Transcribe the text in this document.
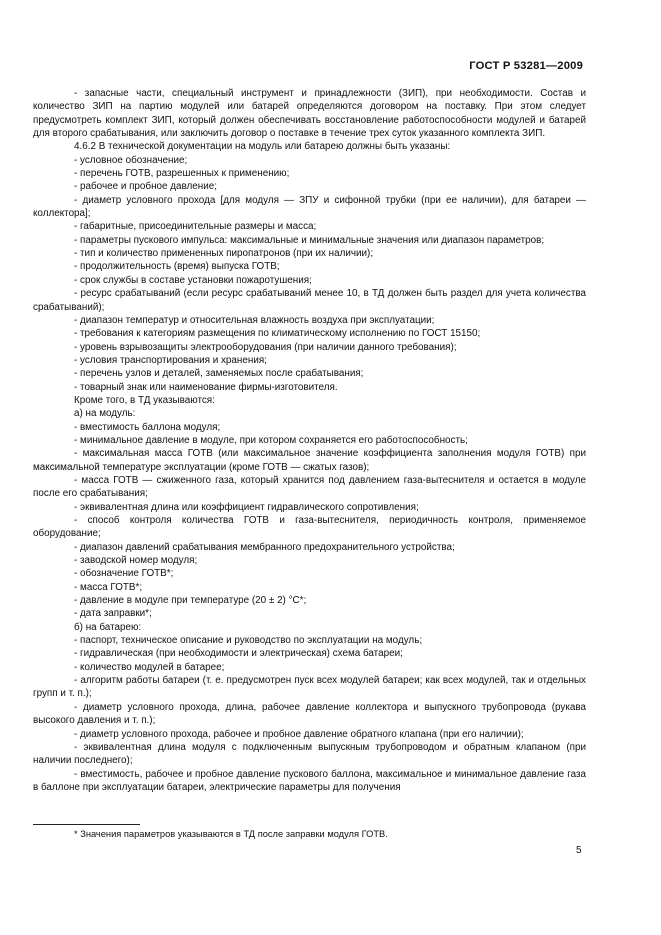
ГОСТ Р 53281—2009

- запасные части, специальный инструмент и принадлежности (ЗИП), при необходимости. Состав и количество ЗИП на партию модулей или батарей определяются договором на поставку. При этом следует предусмотреть комплект ЗИП, который должен обеспечивать восстановление работоспособности модулей и батарей для второго срабатывания, или заключить договор о поставке в течение трех суток указанного комплекта ЗИП.

4.6.2 В технической документации на модуль или батарею должны быть указаны:

- условное обозначение;

- перечень ГОТВ, разрешенных к применению;

- рабочее и пробное давление;

- диаметр условного прохода [для модуля — ЗПУ и сифонной трубки (при ее наличии), для батареи — коллектора];

- габаритные, присоединительные размеры и масса;

- параметры пускового импульса: максимальные и минимальные значения или диапазон параметров;

- тип и количество примененных пиропатронов (при их наличии);

- продолжительность (время) выпуска ГОТВ;

- срок службы в составе установки пожаротушения;

- ресурс срабатываний (если ресурс срабатываний менее 10, в ТД должен быть раздел для учета количества срабатываний);

- диапазон температур и относительная влажность воздуха при эксплуатации;

- требования к категориям размещения по климатическому исполнению по ГОСТ 15150;

- уровень взрывозащиты электрооборудования (при наличии данного требования);

- условия транспортирования и хранения;

- перечень узлов и деталей, заменяемых после срабатывания;

- товарный знак или наименование фирмы-изготовителя.

Кроме того, в ТД указываются:

а) на модуль:

- вместимость баллона модуля;

- минимальное давление в модуле, при котором сохраняется его работоспособность;

- максимальная масса ГОТВ (или максимальное значение коэффициента заполнения модуля ГОТВ) при максимальной температуре эксплуатации (кроме ГОТВ — сжатых газов);

- масса ГОТВ — сжиженного газа, который хранится под давлением газа-вытеснителя и остается в модуле после его срабатывания;

- эквивалентная длина или коэффициент гидравлического сопротивления;

- способ контроля количества ГОТВ и газа-вытеснителя, периодичность контроля, применяемое оборудование;

- диапазон давлений срабатывания мембранного предохранительного устройства;

- заводской номер модуля;

- обозначение ГОТВ*;

- масса ГОТВ*;

- давление в модуле при температуре (20 ± 2) °С*;

- дата заправки*;

б) на батарею:

- паспорт, техническое описание и руководство по эксплуатации на модуль;

- гидравлическая (при необходимости и электрическая) схема батареи;

- количество модулей в батарее;

- алгоритм работы батареи (т. е. предусмотрен пуск всех модулей батареи; как всех модулей, так и отдельных групп и т. п.);

- диаметр условного прохода, длина, рабочее давление коллектора и выпускного трубопровода (рукава высокого давления и т. п.);

- диаметр условного прохода, рабочее и пробное давление обратного клапана (при его наличии);

- эквивалентная длина модуля с подключенным выпускным трубопроводом и обратным клапаном (при наличии последнего);

- вместимость, рабочее и пробное давление пускового баллона, максимальное и минимальное давление газа в баллоне при эксплуатации батареи, электрические параметры для получения

* Значения параметров указываются в ТД после заправки модуля ГОТВ.
5
